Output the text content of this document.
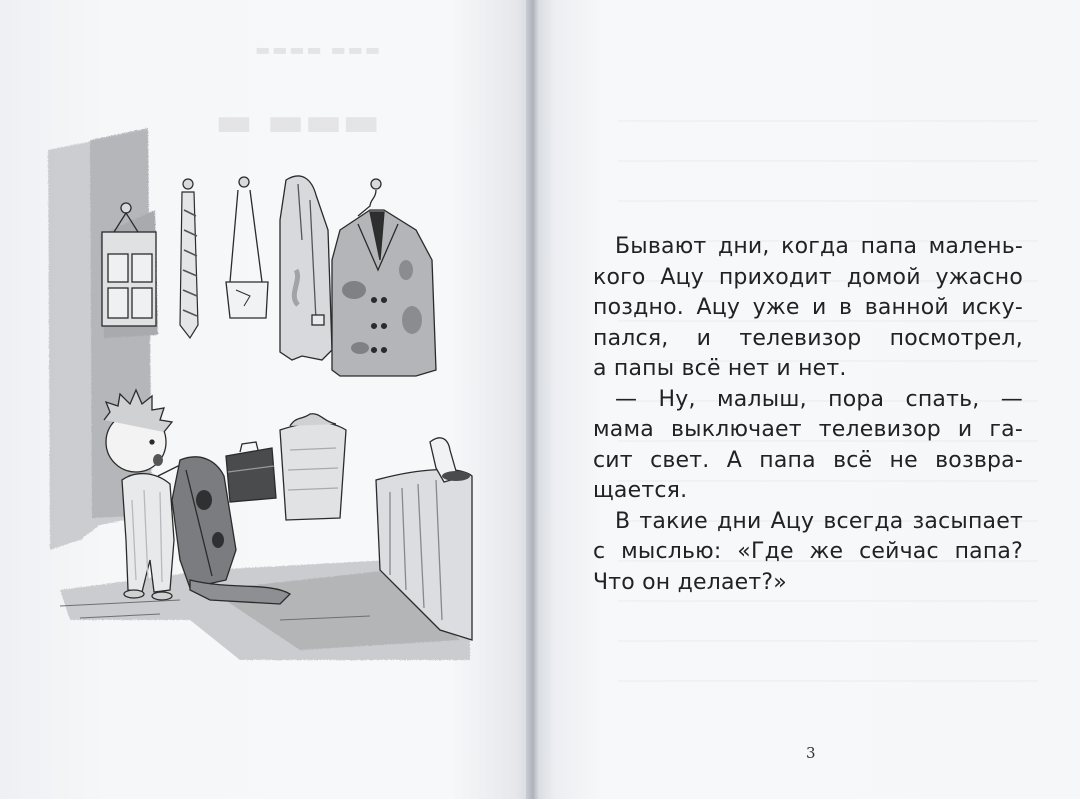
▬▬▬ ▬▬▬▬
▬▬▬ ▬
Бывают дни, когда папа малень-
кого Ацу приходит домой ужасно
поздно. Ацу уже и в ванной иску-
пался, и телевизор посмотрел,
а папы всё нет и нет.
— Ну, малыш, пора спать, —
мама выключает телевизор и га-
сит свет. А папа всё не возвра-
щается.
В такие дни Ацу всегда засыпает
с мыслью: «Где же сейчас папа?
Что он делает?»
3
